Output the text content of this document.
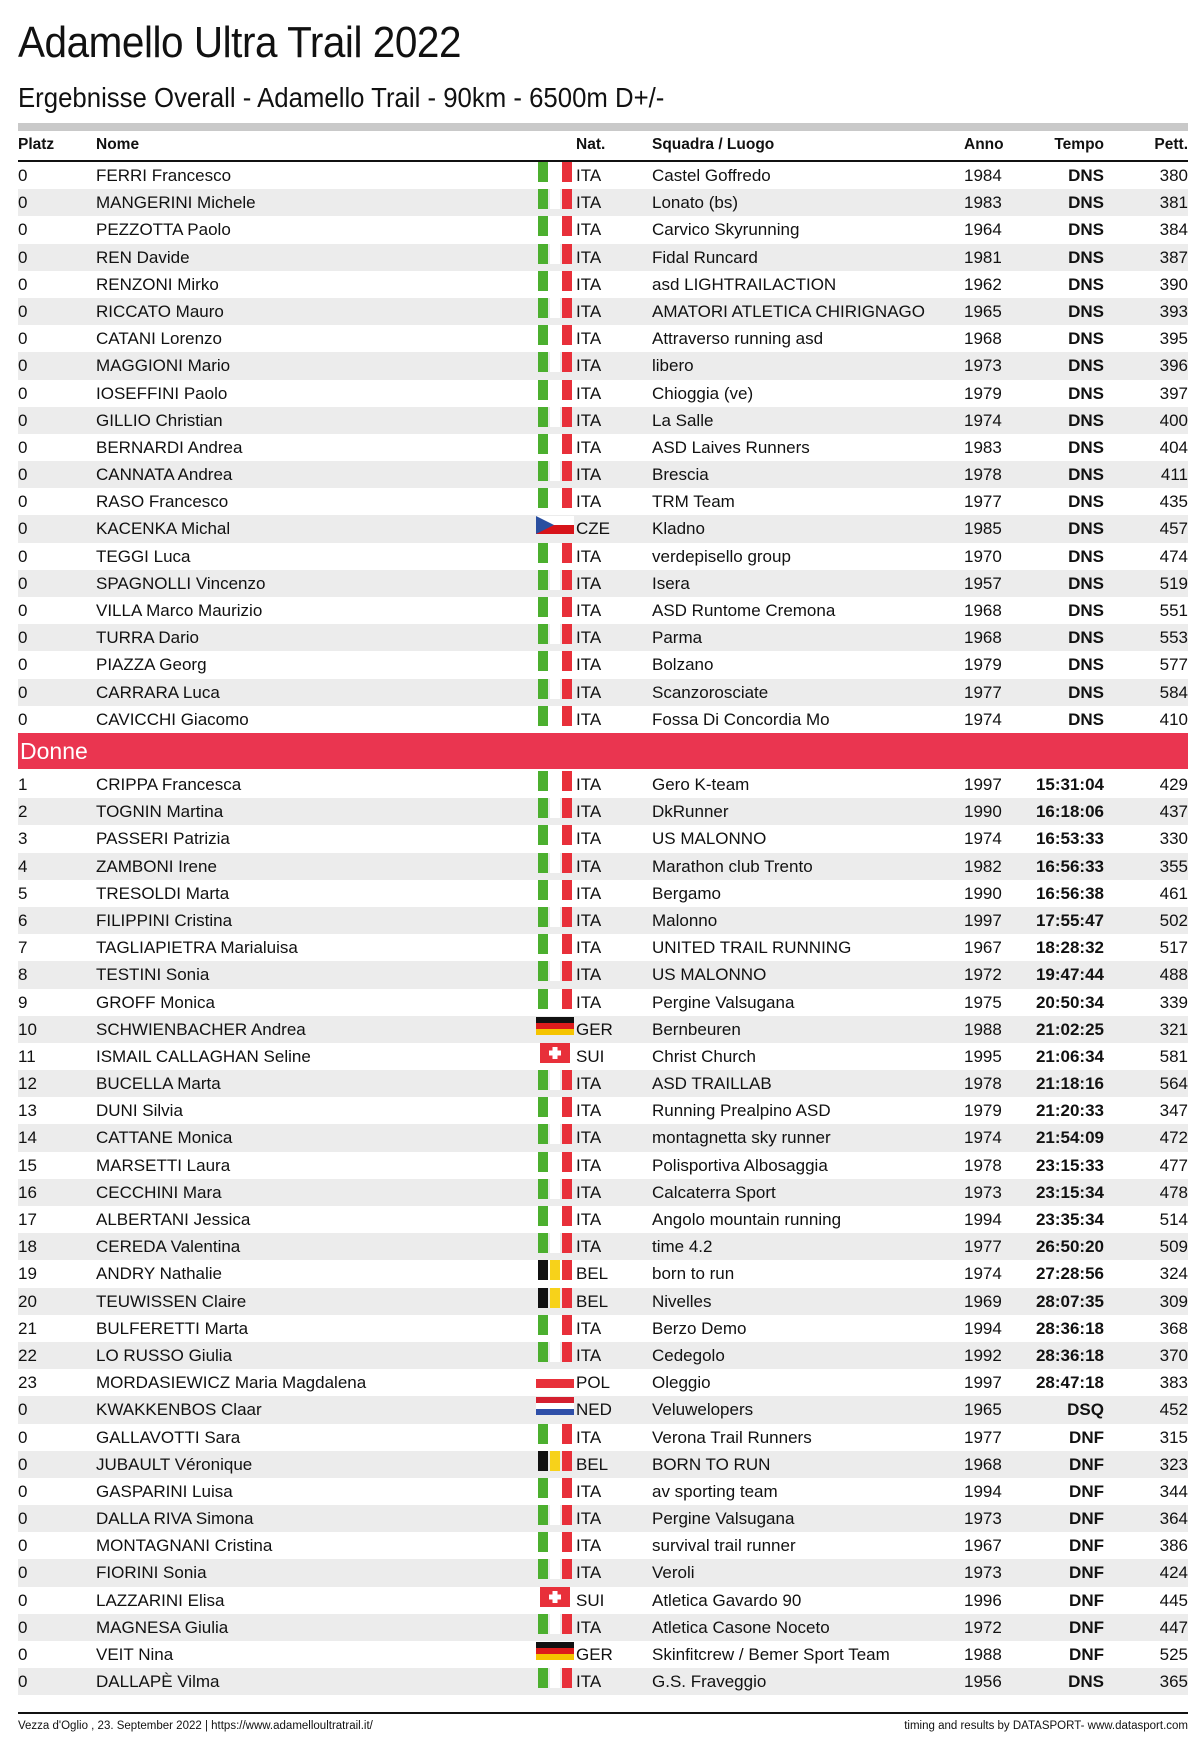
Adamello Ultra Trail 2022
Ergebnisse Overall - Adamello Trail - 90km - 6500m D+/-
Platz	Nome	Nat.	Squadra / Luogo	Anno	Tempo	Pett.
0	FERRI Francesco	ITA	Castel Goffredo	1984	DNS	380
0	MANGERINI Michele	ITA	Lonato (bs)	1983	DNS	381
0	PEZZOTTA Paolo	ITA	Carvico Skyrunning	1964	DNS	384
0	REN Davide	ITA	Fidal Runcard	1981	DNS	387
0	RENZONI Mirko	ITA	asd LIGHTRAILACTION	1962	DNS	390
0	RICCATO Mauro	ITA	AMATORI ATLETICA CHIRIGNAGO 1965	DNS	393
0	CATANI Lorenzo	ITA	Attraverso running asd	1968	DNS	395
0	MAGGIONI Mario	ITA	libero	1973	DNS	396
0	IOSEFFINI Paolo	ITA	Chioggia (ve)	1979	DNS	397
0	GILLIO Christian	ITA	La Salle	1974	DNS	400
0	BERNARDI Andrea	ITA	ASD Laives Runners	1983	DNS	404
0	CANNATA Andrea	ITA	Brescia	1978	DNS	411
0	RASO Francesco	ITA	TRM Team	1977	DNS	435
0	KACENKA Michal	CZE Kladno	1985	DNS	457
0	TEGGI Luca	ITA	verdepisello group	1970	DNS	474
0	SPAGNOLLI Vincenzo	ITA	Isera	1957	DNS	519
0	VILLA Marco Maurizio	ITA	ASD Runtome Cremona	1968	DNS	551
0	TURRA Dario	ITA	Parma	1968	DNS	553
0	PIAZZA Georg	ITA	Bolzano	1979	DNS	577
0	CARRARA Luca	ITA	Scanzorosciate	1977	DNS	584
0	CAVICCHI Giacomo	ITA	Fossa Di Concordia Mo	1974	DNS	410
Donne
1	CRIPPA Francesca	ITA	Gero K-team	1997 15:31:04	429
2	TOGNIN Martina	ITA	DkRunner	1990 16:18:06	437
3	PASSERI Patrizia	ITA	US MALONNO	1974 16:53:33	330
4	ZAMBONI Irene	ITA	Marathon club Trento	1982 16:56:33	355
5	TRESOLDI Marta	ITA	Bergamo	1990 16:56:38	461
6	FILIPPINI Cristina	ITA	Malonno	1997 17:55:47	502
7	TAGLIAPIETRA Marialuisa	ITA	UNITED TRAIL RUNNING	1967 18:28:32	517
8	TESTINI Sonia	ITA	US MALONNO	1972 19:47:44	488
9	GROFF Monica	ITA	Pergine Valsugana	1975 20:50:34	339
10	SCHWIENBACHER Andrea	GER Bernbeuren	1988 21:02:25	321
11	ISMAIL CALLAGHAN Seline	SUI	Christ Church	1995 21:06:34	581
12	BUCELLA Marta	ITA	ASD TRAILLAB	1978 21:18:16	564
13	DUNI Silvia	ITA	Running Prealpino ASD	1979 21:20:33	347
14	CATTANE Monica	ITA	montagnetta sky runner	1974 21:54:09	472
15	MARSETTI Laura	ITA	Polisportiva Albosaggia	1978 23:15:33	477
16	CECCHINI Mara	ITA	Calcaterra Sport	1973 23:15:34	478
17	ALBERTANI Jessica	ITA	Angolo mountain running	1994 23:35:34	514
18	CEREDA Valentina	ITA	time 4.2	1977 26:50:20	509
19	ANDRY Nathalie	BEL	born to run	1974 27:28:56	324
20	TEUWISSEN Claire	BEL	Nivelles	1969 28:07:35	309
21	BULFERETTI Marta	ITA	Berzo Demo	1994 28:36:18	368
22	LO RUSSO Giulia	ITA	Cedegolo	1992 28:36:18	370
23	MORDASIEWICZ Maria Magdalena	POL Oleggio	1997 28:47:18	383
0	KWAKKENBOS Claar	NED Veluwelopers	1965	DSQ	452
0	GALLAVOTTI Sara	ITA	Verona Trail Runners	1977	DNF	315
0	JUBAULT Véronique	BEL	BORN TO RUN	1968	DNF	323
0	GASPARINI Luisa	ITA	av sporting team	1994	DNF	344
0	DALLA RIVA Simona	ITA	Pergine Valsugana	1973	DNF	364
0	MONTAGNANI Cristina	ITA	survival trail runner	1967	DNF	386
0	FIORINI Sonia	ITA	Veroli	1973	DNF	424
0	LAZZARINI Elisa	SUI	Atletica Gavardo 90	1996	DNF	445
0	MAGNESA Giulia	ITA	Atletica Casone Noceto	1972	DNF	447
0	VEIT Nina	GER Skinfitcrew / Bemer Sport Team	1988	DNF	525
0	DALLAPÈ Vilma	ITA	G.S. Fraveggio	1956	DNS	365
Vezza d'Oglio , 23. September 2022 | https://www.adamelloultratrail.it/	timing and results by DATASPORT- www.datasport.com
